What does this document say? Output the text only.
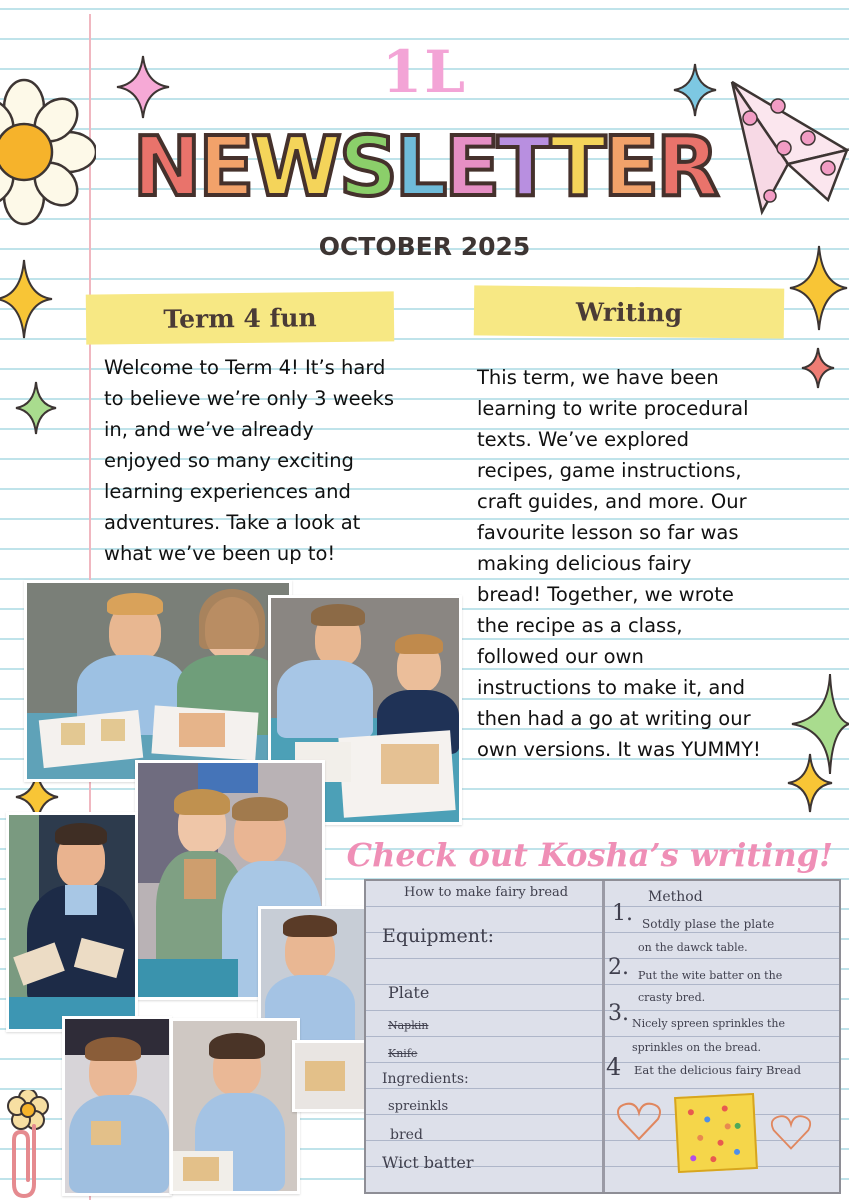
1L
NEWSLETTER
OCTOBER 2025
Term 4 fun

Welcome to Term 4! It’s hard

to believe we’re only 3 weeks

in, and we’ve already

enjoyed so many exciting

learning experiences and

adventures. Take a look at

what we’ve been up to!

Writing

This term, we have been

learning to write procedural

texts. We’ve explored

recipes, game instructions,

craft guides, and more. Our

favourite lesson so far was

making delicious fairy

bread! Together, we wrote

the recipe as a class,

followed our own

instructions to make it, and

then had a go at writing our

own versions. It was YUMMY!

Check out Kosha’s writing!
How to make fairy bread
Equipment:
Plate
Napkin
Knife
Ingredients:
spreinkls
bred
Wict batter
Method
1. Sotdly plase the plate
on the dawck table.
2. Put the wite batter on the
crasty bred.
3. Nicely spreen sprinkles the
sprinkles on the bread.
4 Eat the delicious fairy Bread
